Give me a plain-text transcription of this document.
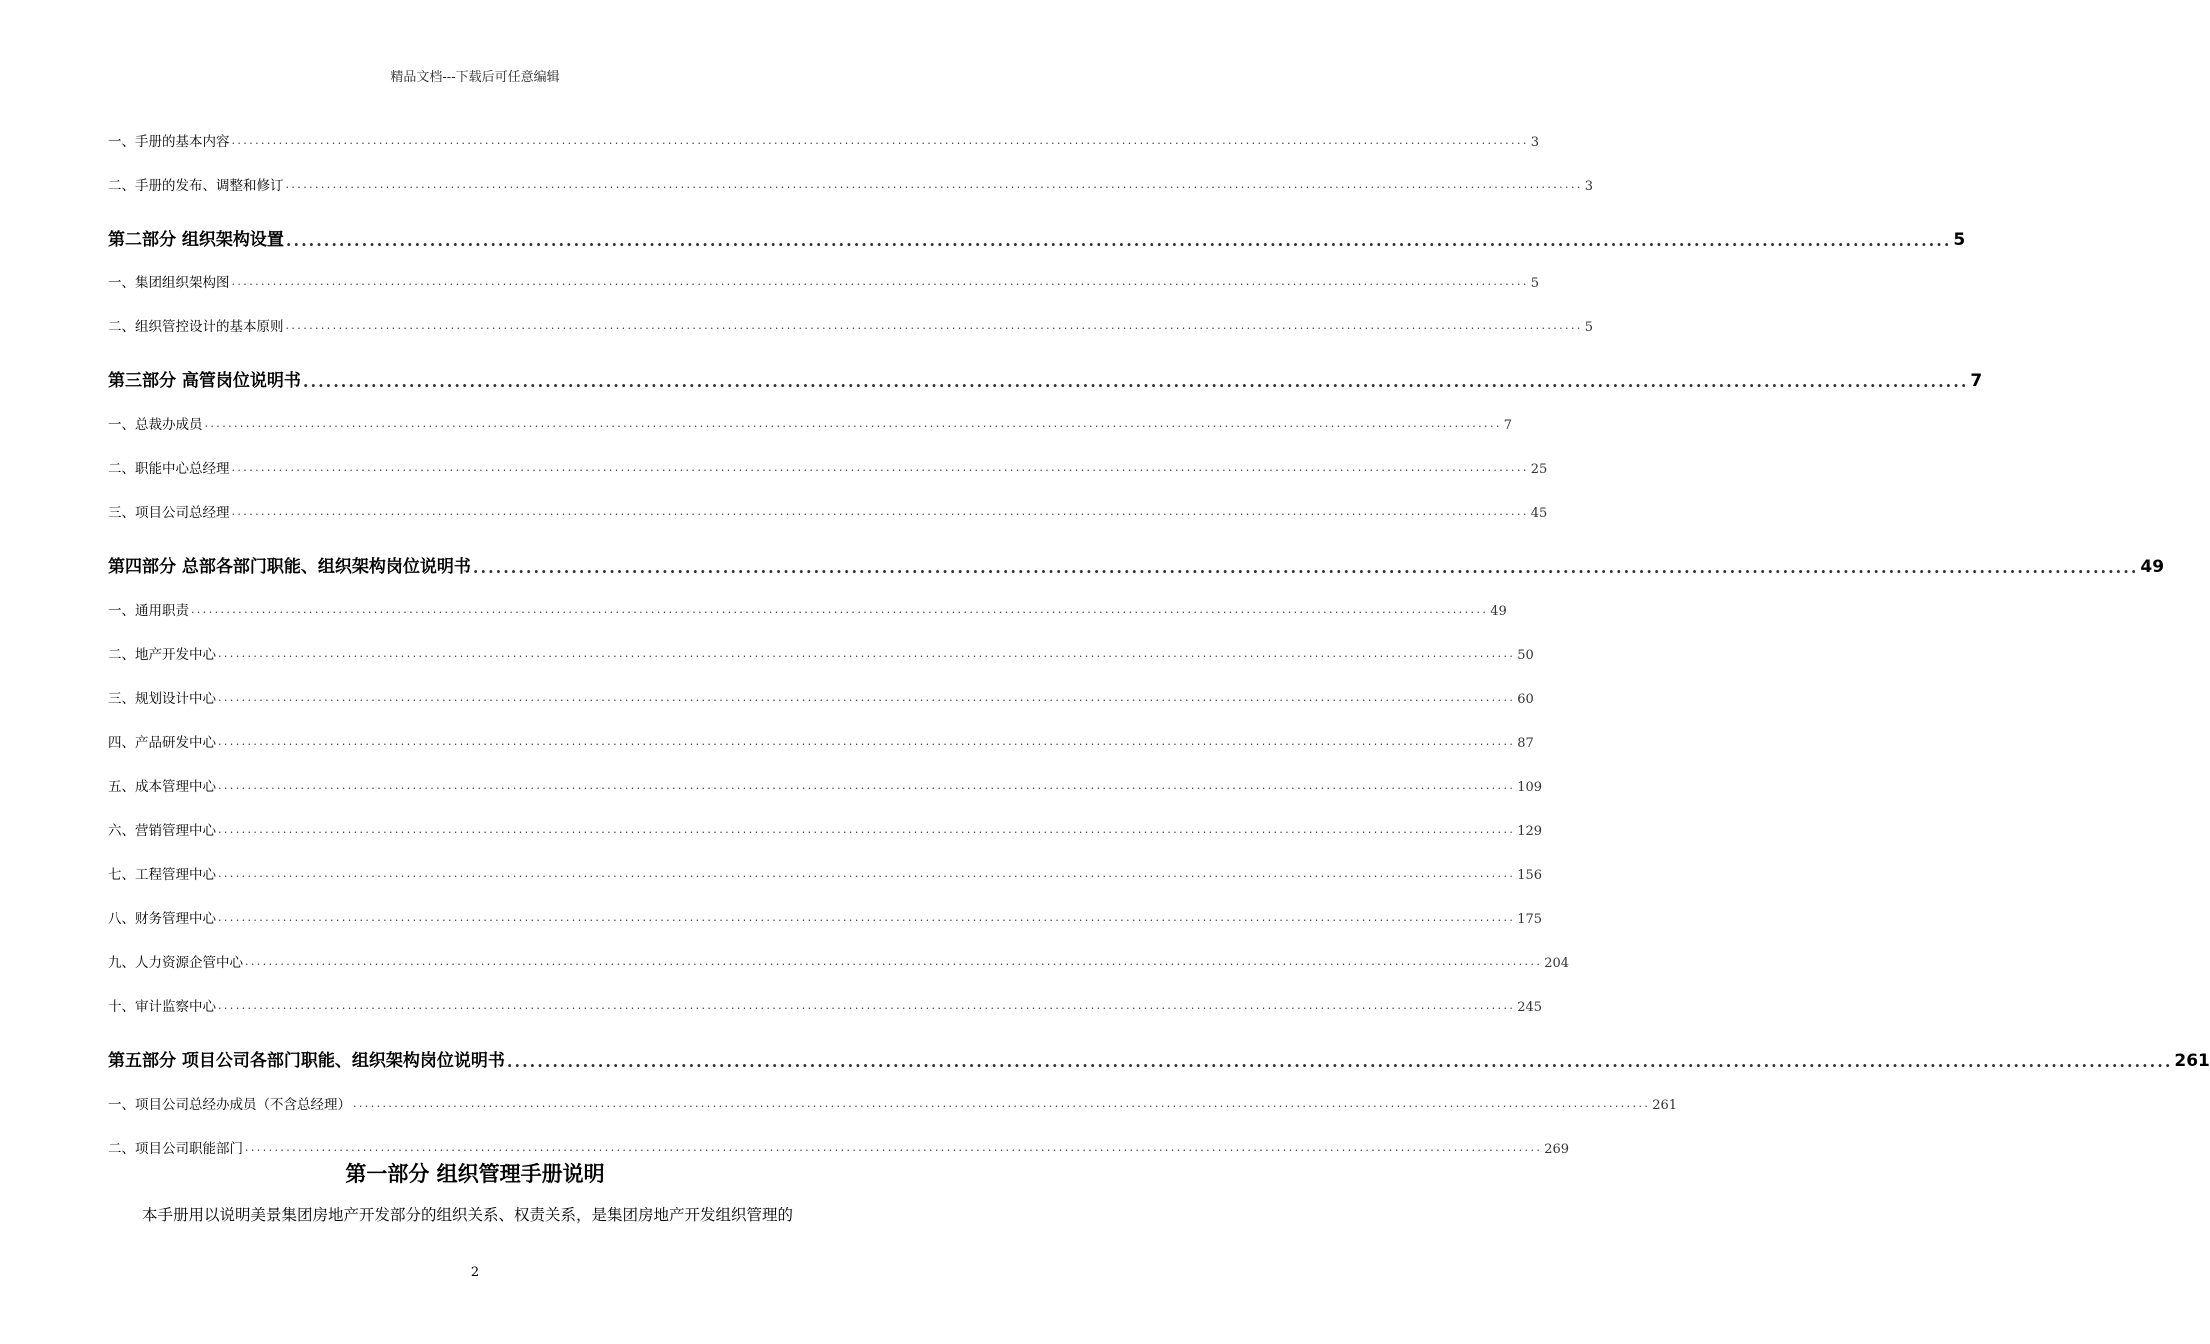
精品文档---下载后可任意编辑
一、手册的基本内容 ............................................................................................................................................................................................................................ 3
二、手册的发布、调整和修订 ............................................................................................................................................................................................................................ 3
第二部分 组织架构设置 ............................................................................................................................................................................................................................ 5
一、集团组织架构图 ............................................................................................................................................................................................................................ 5
二、组织管控设计的基本原则 ............................................................................................................................................................................................................................ 5
第三部分 高管岗位说明书 ............................................................................................................................................................................................................................ 7
一、总裁办成员 ............................................................................................................................................................................................................................ 7
二、职能中心总经理 ............................................................................................................................................................................................................................ 25
三、项目公司总经理 ............................................................................................................................................................................................................................ 45
第四部分 总部各部门职能、组织架构岗位说明书 ............................................................................................................................................................................................................................ 49
一、通用职责 ............................................................................................................................................................................................................................ 49
二、地产开发中心 ............................................................................................................................................................................................................................ 50
三、规划设计中心 ............................................................................................................................................................................................................................ 60
四、产品研发中心 ............................................................................................................................................................................................................................ 87
五、成本管理中心 ............................................................................................................................................................................................................................ 109
六、营销管理中心 ............................................................................................................................................................................................................................ 129
七、工程管理中心 ............................................................................................................................................................................................................................ 156
八、财务管理中心 ............................................................................................................................................................................................................................ 175
九、人力资源企管中心 ............................................................................................................................................................................................................................ 204
十、审计监察中心 ............................................................................................................................................................................................................................ 245
第五部分 项目公司各部门职能、组织架构岗位说明书 ............................................................................................................................................................................................................................ 261
一、项目公司总经办成员（不含总经理） ............................................................................................................................................................................................................................ 261
二、项目公司职能部门 ............................................................................................................................................................................................................................ 269
第一部分 组织管理手册说明
本手册用以说明美景集团房地产开发部分的组织关系、权责关系，是集团房地产开发组织管理的
2
